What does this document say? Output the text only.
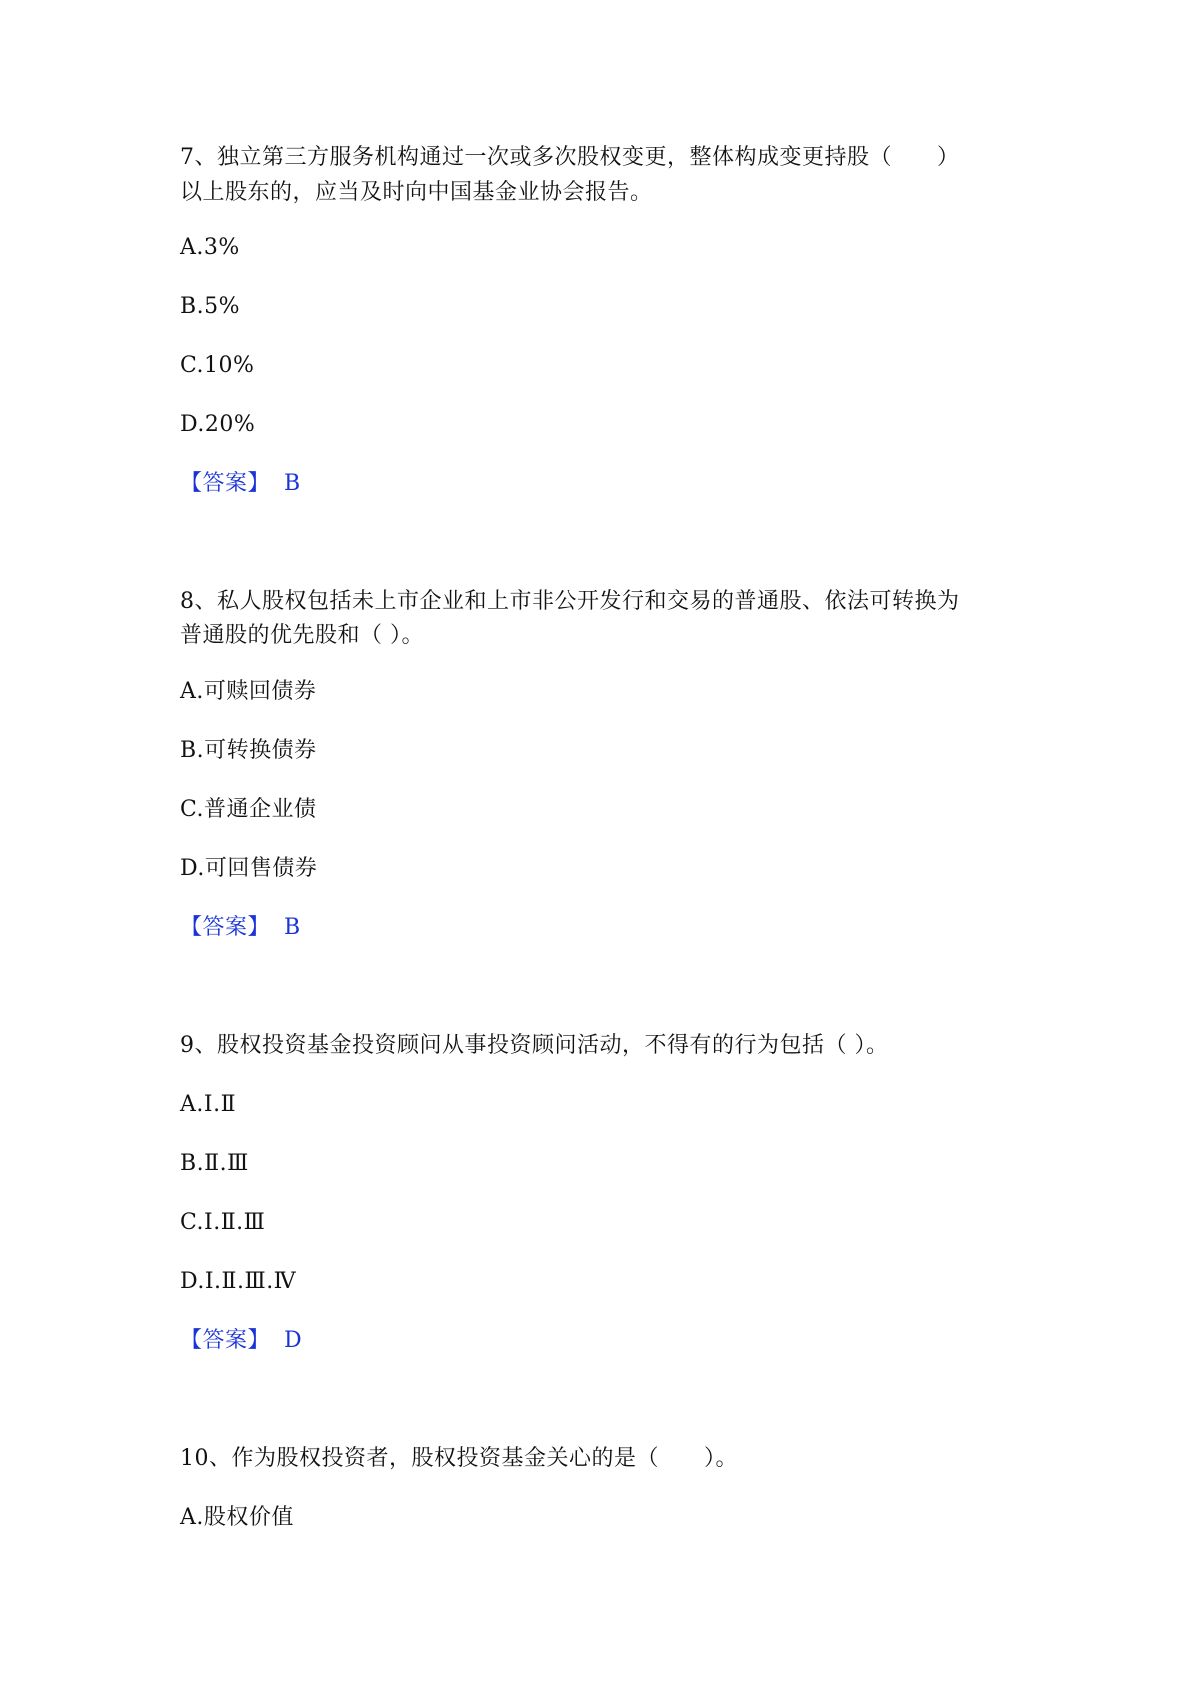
7、独立第三方服务机构通过一次或多次股权变更，整体构成变更持股（　　）
以上股东的，应当及时向中国基金业协会报告。
A.3%
B.5%
C.10%
D.20%
【答案】 B
8、私人股权包括未上市企业和上市非公开发行和交易的普通股、依法可转换为
普通股的优先股和（ ）。
A.可赎回债券
B.可转换债券
C.普通企业债
D.可回售债券
【答案】 B
9、股权投资基金投资顾问从事投资顾问活动，不得有的行为包括（ ）。
A.Ⅰ.Ⅱ
B.Ⅱ.Ⅲ
C.Ⅰ.Ⅱ.Ⅲ
D.Ⅰ.Ⅱ.Ⅲ.Ⅳ
【答案】 D
10、作为股权投资者，股权投资基金关心的是（　　）。
A.股权价值
